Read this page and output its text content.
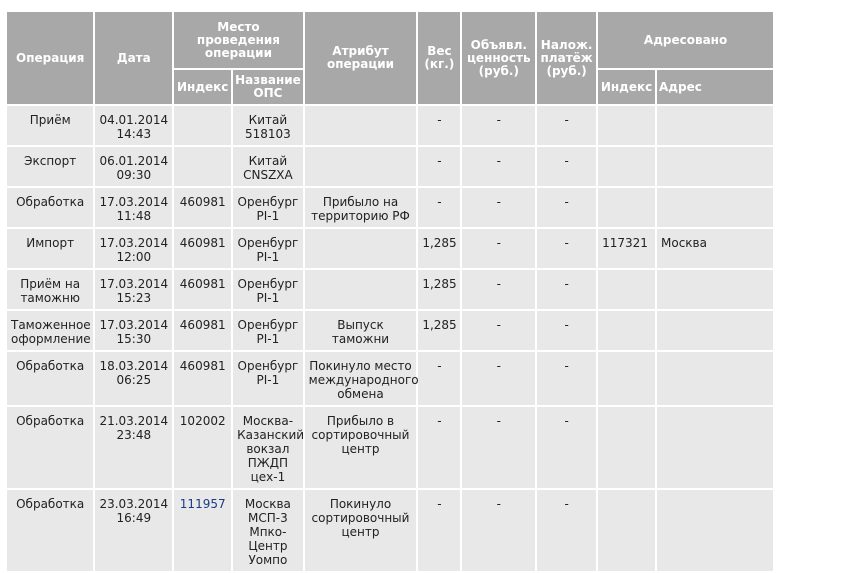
Операция	Дата	Место проведения операции		Атрибут операции	Вес (кг.)	Объявл. ценность (руб.)	Налож. платёж (руб.)	Адресовано	
		Индекс	Название ОПС					Индекс	Адрес
Приём	04.01.2014 14:43		Китай 518103		-	-	-		
Экспорт	06.01.2014 09:30		Китай CNSZXA		-	-	-		
Обработка	17.03.2014 11:48	460981	Оренбург PI-1	Прибыло на территорию РФ	-	-	-		
Импорт	17.03.2014 12:00	460981	Оренбург PI-1		1,285	-	-	117321	Москва
Приём на таможню	17.03.2014 15:23	460981	Оренбург PI-1		1,285	-	-		
Таможенное оформление	17.03.2014 15:30	460981	Оренбург PI-1	Выпуск таможни	1,285	-	-		
Обработка	18.03.2014 06:25	460981	Оренбург PI-1	Покинуло место международного обмена	-	-	-		
Обработка	21.03.2014 23:48	102002	Москва-Казанский вокзал ПЖДП цех-1	Прибыло в сортировочный центр	-	-	-		
Обработка	23.03.2014 16:49	111957	Москва МСП-3 Мпко-Центр Уомпо	Покинуло сортировочный центр	-	-	-		
